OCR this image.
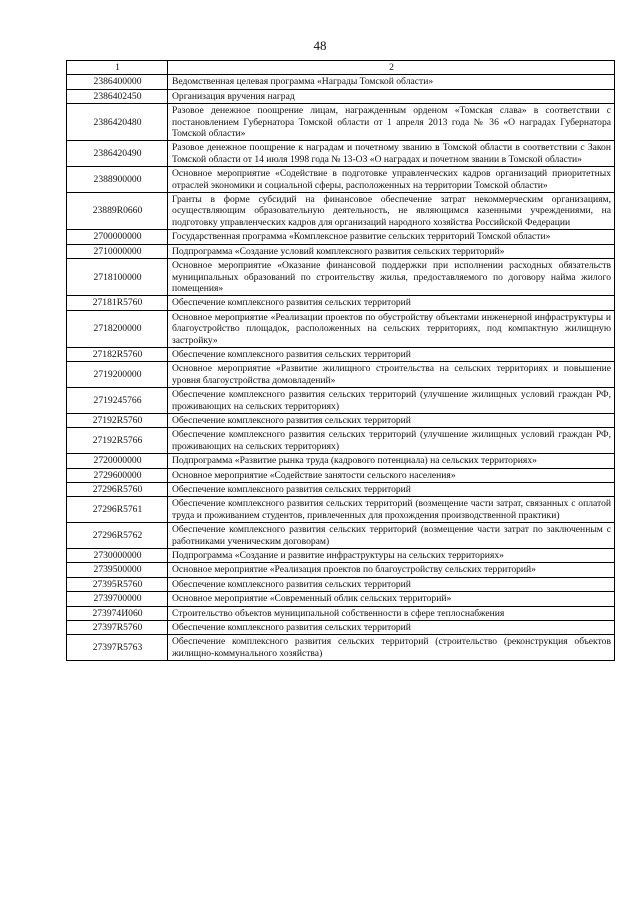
48
1	2
2386400000	Ведомственная целевая программа «Награды Томской области»
2386402450	Организация вручения наград
2386420480	Разовое денежное поощрение лицам, награжденным орденом «Томская слава» в соответствии с постановлением Губернатора Томской области от 1 апреля 2013 года № 36 «О наградах Губернатора Томской области»
2386420490	Разовое денежное поощрение к наградам и почетному званию в Томской области в соответствии с Закон Томской области от 14 июля 1998 года № 13-ОЗ «О наградах и почетном звании в Томской области»
2388900000	Основное мероприятие «Содействие в подготовке управленческих кадров организаций приоритетных отраслей экономики и социальной сферы, расположенных на территории Томской области»
23889R0660	Гранты в форме субсидий на финансовое обеспечение затрат некоммерческим организациям, осуществляющим образовательную деятельность, не являющимся казенными учреждениями, на подготовку управленческих кадров для организаций народного хозяйства Российской Федерации
2700000000	Государственная программа «Комплексное развитие сельских территорий Томской области»
2710000000	Подпрограмма «Создание условий комплексного развития сельских территорий»
2718100000	Основное мероприятие «Оказание финансовой поддержки при исполнении расходных обязательств муниципальных образований по строительству жилья, предоставляемого по договору найма жилого помещения»
27181R5760	Обеспечение комплексного развития сельских территорий
2718200000	Основное мероприятие «Реализации проектов по обустройству объектами инженерной инфраструктуры и благоустройство площадок, расположенных на сельских территориях, под компактную жилищную застройку»
27182R5760	Обеспечение комплексного развития сельских территорий
2719200000	Основное мероприятие «Развитие жилищного строительства на сельских территориях и повышение уровня благоустройства домовладений»
2719245766	Обеспечение комплексного развития сельских территорий (улучшение жилищных условий граждан РФ, проживающих на сельских территориях)
27192R5760	Обеспечение комплексного развития сельских территорий
27192R5766	Обеспечение комплексного развития сельских территорий (улучшение жилищных условий граждан РФ, проживающих на сельских территориях)
2720000000	Подпрограмма «Развитие рынка труда (кадрового потенциала) на сельских территориях»
2729600000	Основное мероприятие «Содействие занятости сельского населения»
27296R5760	Обеспечение комплексного развития сельских территорий
27296R5761	Обеспечение комплексного развития сельских территорий (возмещение части затрат, связанных с оплатой труда и проживанием студентов, привлеченных для прохождения производственной практики)
27296R5762	Обеспечение комплексного развития сельских территорий (возмещение части затрат по заключенным с работниками ученическим договорам)
2730000000	Подпрограмма «Создание и развитие инфраструктуры на сельских территориях»
2739500000	Основное мероприятие «Реализация проектов по благоустройству сельских территорий»
27395R5760	Обеспечение комплексного развития сельских территорий
2739700000	Основное мероприятие «Современный облик сельских территорий»
273974И060	Строительство объектов муниципальной собственности в сфере теплоснабжения
27397R5760	Обеспечение комплексного развития сельских территорий
27397R5763	Обеспечение комплексного развития сельских территорий (строительство (реконструкция объектов жилищно-коммунального хозяйства)
